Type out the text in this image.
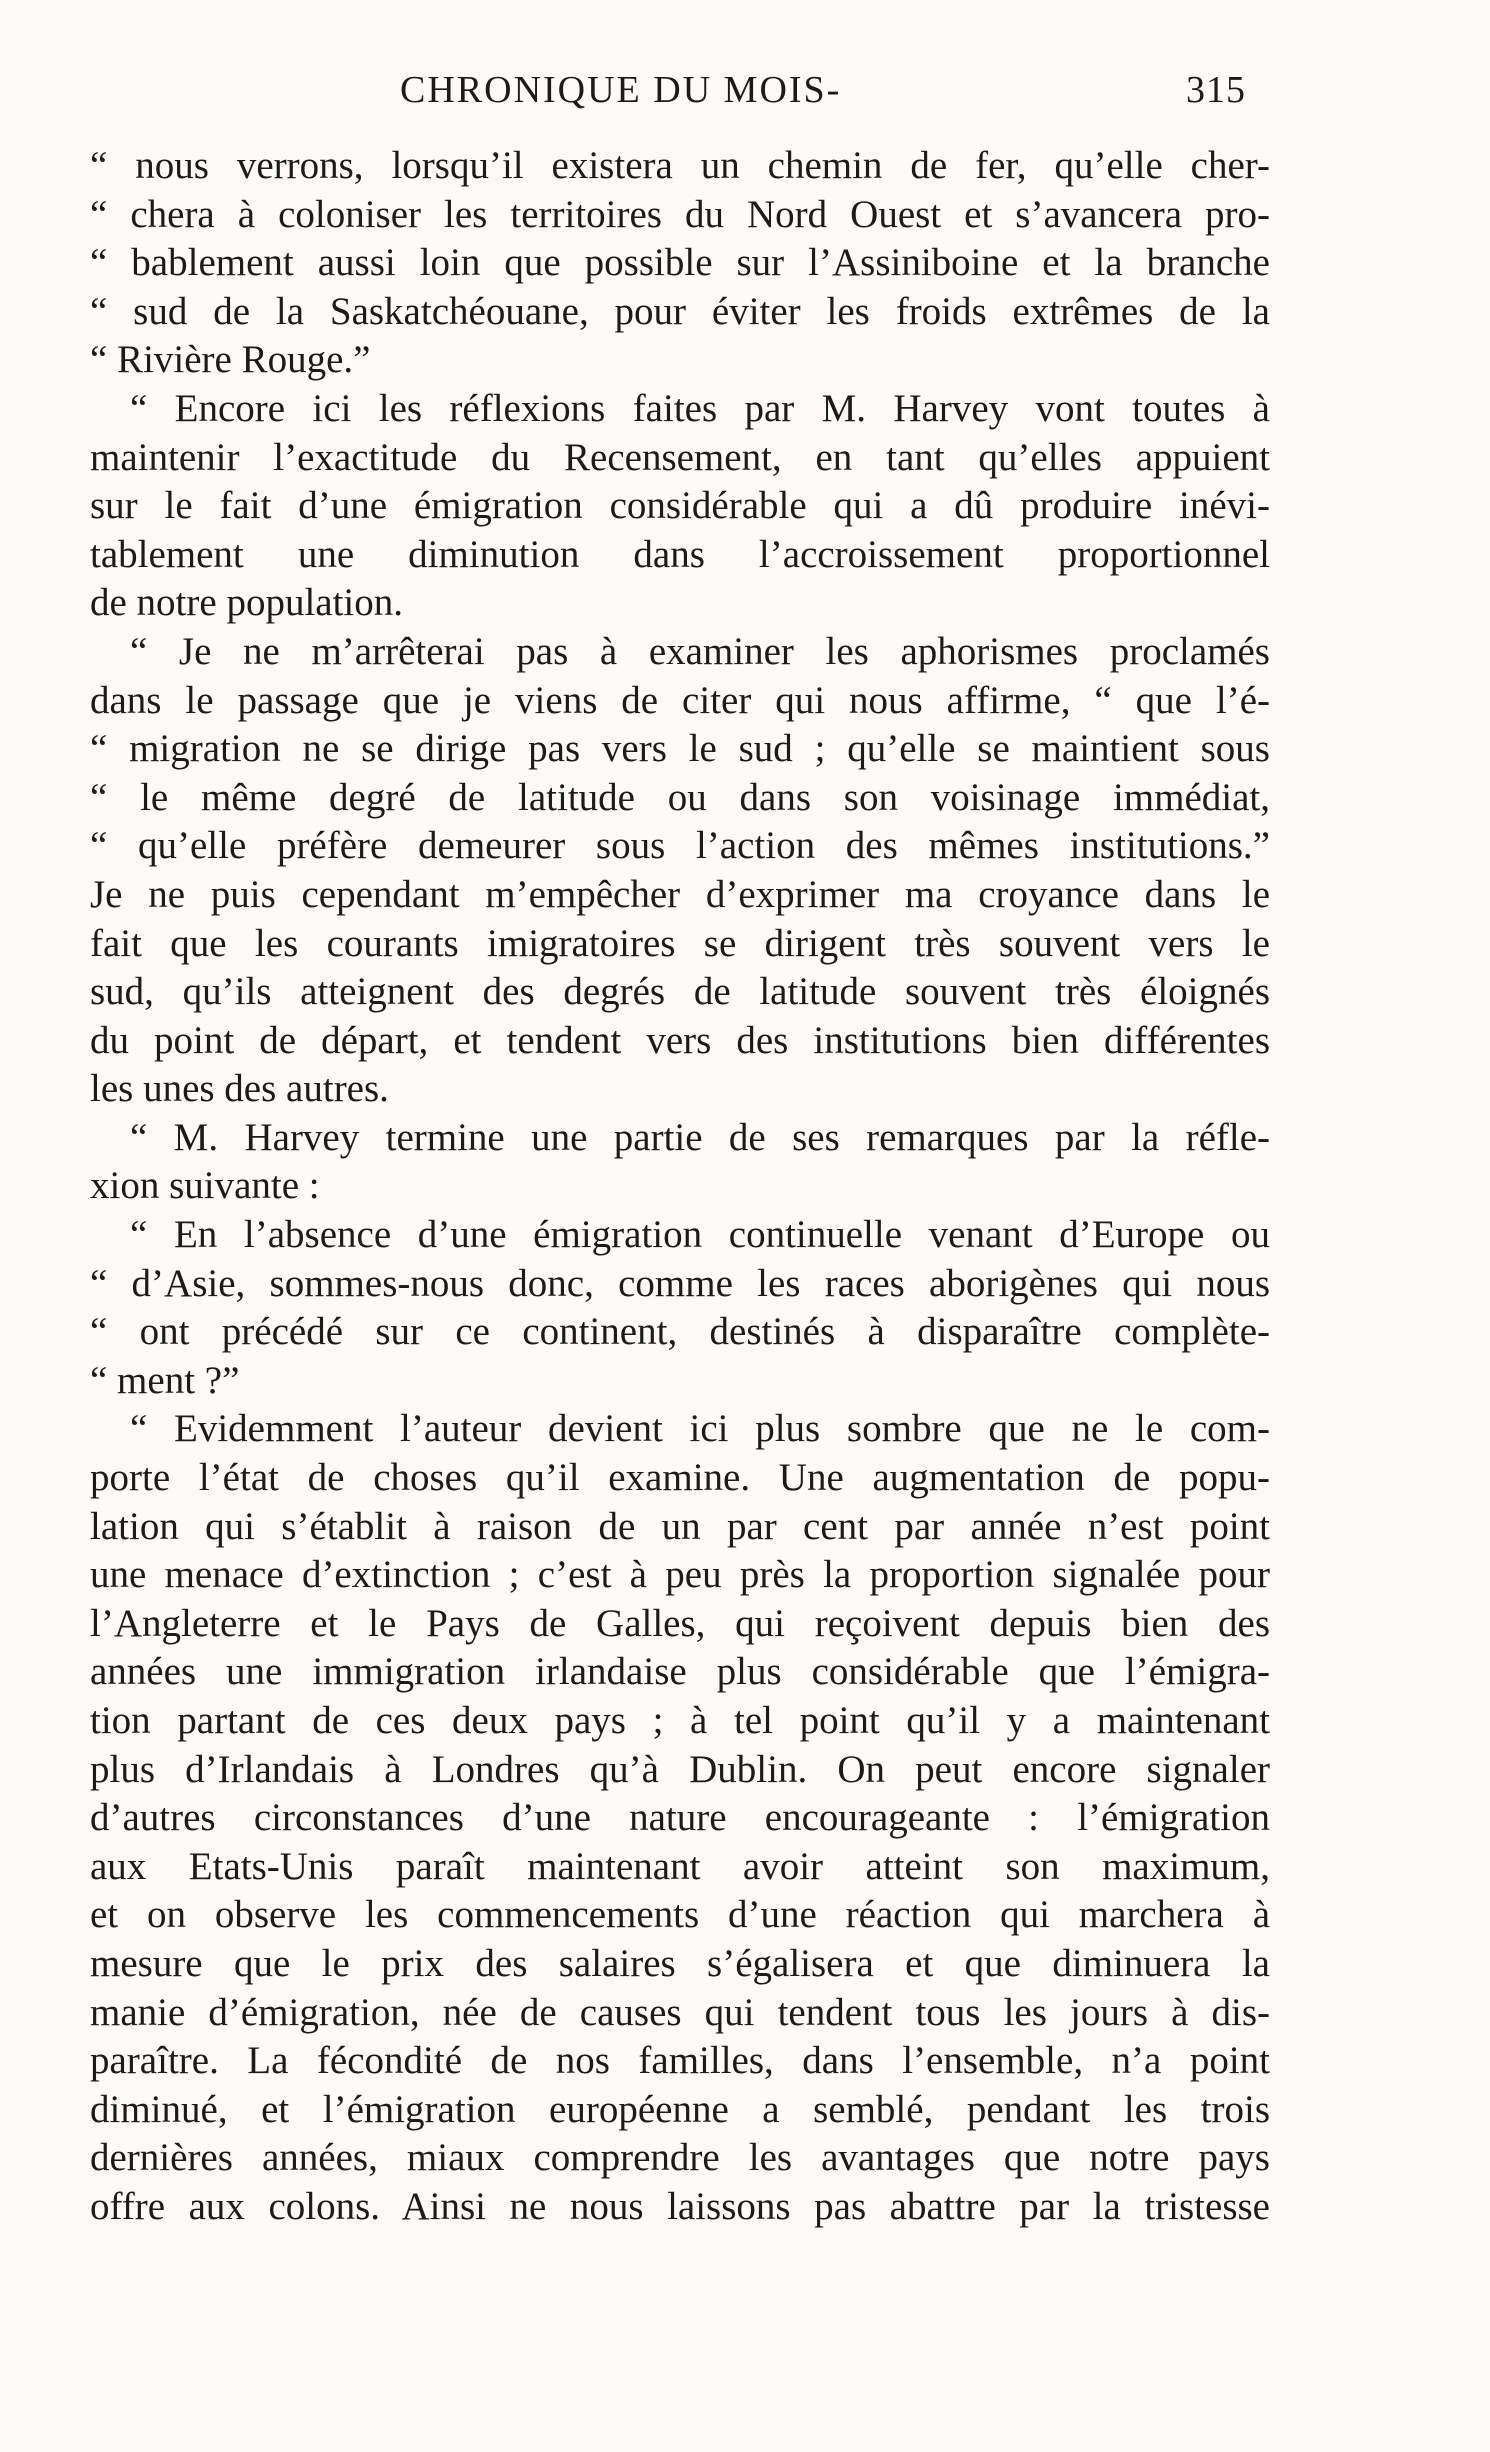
CHRONIQUE DU MOIS-	315
“ nous verrons, lorsqu’il existera un chemin de fer, qu’elle cher-
“ chera à coloniser les territoires du Nord Ouest et s’avancera pro-
“ bablement aussi loin que possible sur l’Assiniboine et la branche
“ sud de la Saskatchéouane, pour éviter les froids extrêmes de la
“ Rivière Rouge.”
“ Encore ici les réflexions faites par M. Harvey vont toutes à
maintenir l’exactitude du Recensement, en tant qu’elles appuient
sur le fait d’une émigration considérable qui a dû produire inévi-
tablement une diminution dans l’accroissement proportionnel
de notre population.
“ Je ne m’arrêterai pas à examiner les aphorismes proclamés
dans le passage que je viens de citer qui nous affirme, “ que l’é-
“ migration ne se dirige pas vers le sud ; qu’elle se maintient sous
“ le même degré de latitude ou dans son voisinage immédiat,
“ qu’elle préfère demeurer sous l’action des mêmes institutions.”
Je ne puis cependant m’empêcher d’exprimer ma croyance dans le
fait que les courants imigratoires se dirigent très souvent vers le
sud, qu’ils atteignent des degrés de latitude souvent très éloignés
du point de départ, et tendent vers des institutions bien différentes
les unes des autres.
“ M. Harvey termine une partie de ses remarques par la réfle-
xion suivante :
“ En l’absence d’une émigration continuelle venant d’Europe ou
“ d’Asie, sommes-nous donc, comme les races aborigènes qui nous
“ ont précédé sur ce continent, destinés à disparaître complète-
“ ment ?”
“ Evidemment l’auteur devient ici plus sombre que ne le com-
porte l’état de choses qu’il examine. Une augmentation de popu-
lation qui s’établit à raison de un par cent par année n’est point
une menace d’extinction ; c’est à peu près la proportion signalée pour
l’Angleterre et le Pays de Galles, qui reçoivent depuis bien des
années une immigration irlandaise plus considérable que l’émigra-
tion partant de ces deux pays ; à tel point qu’il y a maintenant
plus d’Irlandais à Londres qu’à Dublin. On peut encore signaler
d’autres circonstances d’une nature encourageante : l’émigration
aux Etats-Unis paraît maintenant avoir atteint son maximum,
et on observe les commencements d’une réaction qui marchera à
mesure que le prix des salaires s’égalisera et que diminuera la
manie d’émigration, née de causes qui tendent tous les jours à dis-
paraître. La fécondité de nos familles, dans l’ensemble, n’a point
diminué, et l’émigration européenne a semblé, pendant les trois
dernières années, miaux comprendre les avantages que notre pays
offre aux colons. Ainsi ne nous laissons pas abattre par la tristesse
